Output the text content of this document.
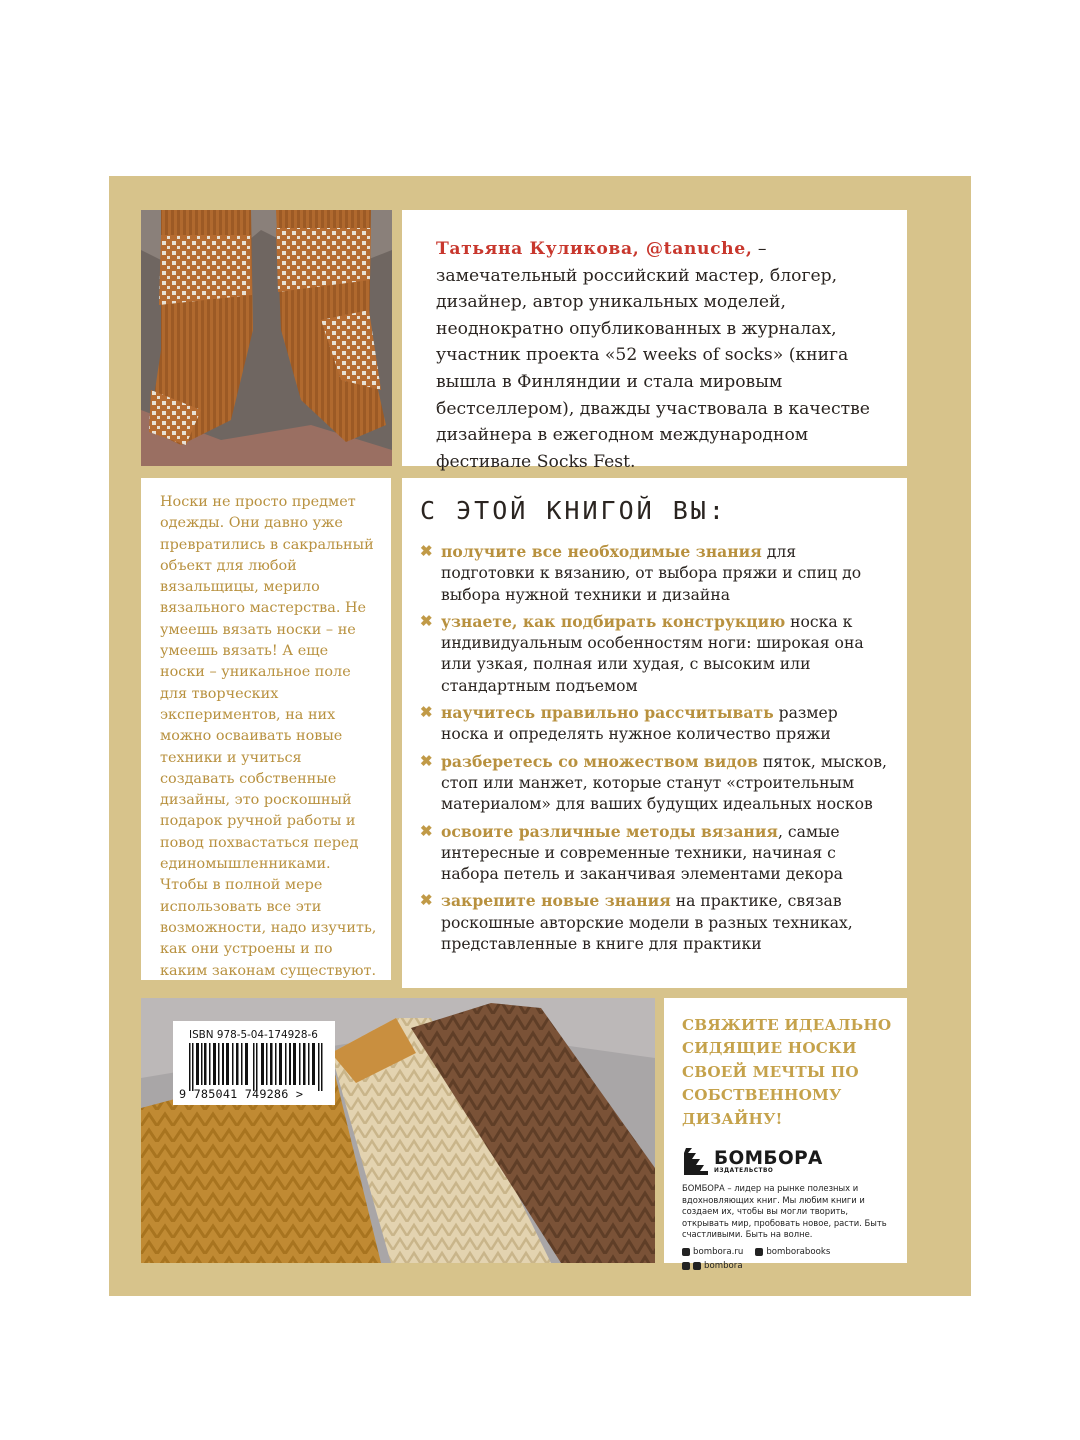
Татьяна Куликова, @tanuche, – замечательный российский мастер, блогер, дизайнер, автор уникальных моделей, неоднократно опубликованных в журналах, участник проекта «52 weeks of socks» (книга вышла в Финляндии и стала мировым бестселлером), дважды участвовала в качестве дизайнера в ежегодном международном фестивале Socks Fest.

Носки не просто предмет одежды. Они давно уже превратились в сакральный объект для любой вязальщицы, мерило вязального мастерства. Не умеешь вязать носки – не умеешь вязать! А еще носки – уникальное поле для творческих экспериментов, на них можно осваивать новые техники и учиться создавать собственные дизайны, это роскошный подарок ручной работы и повод похвастаться перед единомышленниками. Чтобы в полной мере использовать все эти возможности, надо изучить, как они устроены и по каким законам существуют.

С ЭТОЙ КНИГОЙ ВЫ:
✖ получите все необходимые знания для подготовки к вязанию, от выбора пряжи и спиц до выбора нужной техники и дизайна
✖ узнаете, как подбирать конструкцию носка к индивидуальным особенностям ноги: широкая она или узкая, полная или худая, с высоким или стандартным подъемом
✖ научитесь правильно рассчитывать размер носка и определять нужное количество пряжи
✖ разберетесь со множеством видов пяток, мысков, стоп или манжет, которые станут «строительным материалом» для ваших будущих идеальных носков
✖ освоите различные методы вязания, самые интересные и современные техники, начиная с набора петель и заканчивая элементами декора
✖ закрепите новые знания на практике, связав роскошные авторские модели в разных техниках, представленные в книге для практики
ISBN 978-5-04-174928-6
9 785041 749286 >

СВЯЖИТЕ ИДЕАЛЬНО СИДЯЩИЕ НОСКИ СВОЕЙ МЕЧТЫ ПО СОБСТВЕННОМУ ДИЗАЙНУ!

БОМБОРА
ИЗДАТЕЛЬСТВО

БОМБОРА – лидер на рынке полезных и вдохновляющих книг. Мы любим книги и создаем их, чтобы вы могли творить, открывать мир, пробовать новое, расти. Быть счастливыми. Быть на волне.

bombora.ru	bomborabooks
bombora
